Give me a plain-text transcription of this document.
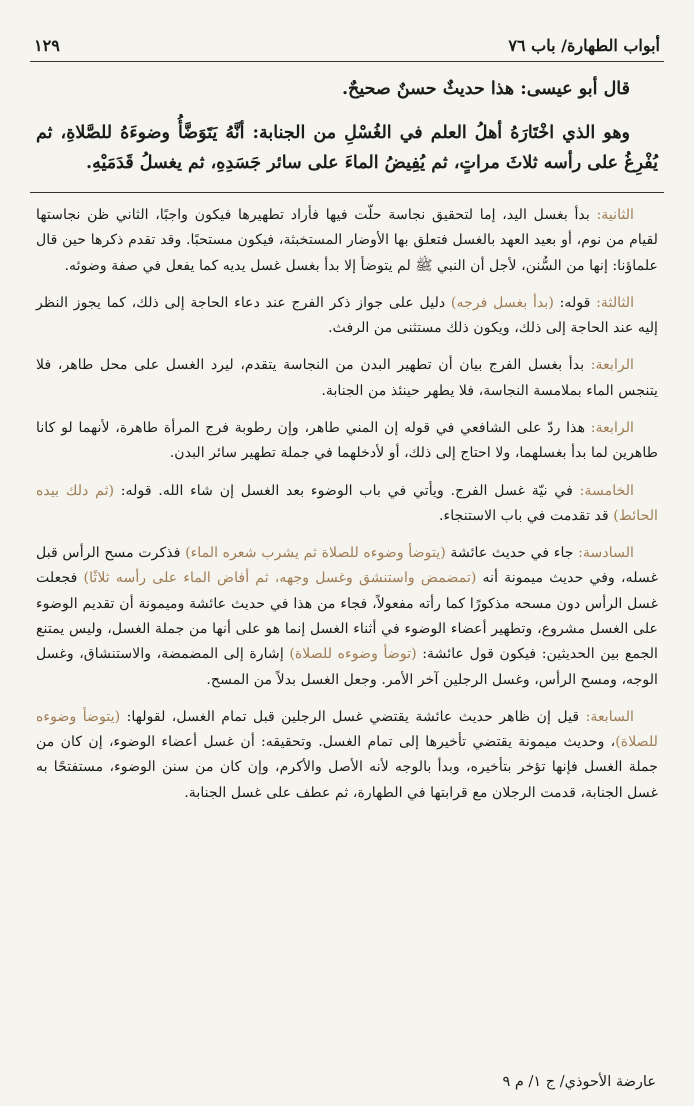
أبواب الطهارة/ باب ٧٦
١٢٩

قال أبو عيسى: هذا حديثٌ حسنٌ صحيحٌ.

وهو الذي اخْتَارَهُ أهلُ العلم في الغُسْلِ من الجنابة: أنَّهُ يَتَوَضَّأُ وضوءَهُ للصَّلاةِ، ثم يُفْرِغُ على رأسه ثلاثَ مراتٍ، ثم يُفِيضُ الماءَ على سائر جَسَدِهِ، ثم يغسلُ قَدَمَيْهِ.

الثانية: بدأ بغسل اليد، إما لتحقيق نجاسة حلّت فيها فأراد تطهيرها فيكون واجبًا، الثاني ظن نجاستها لقيام من نوم، أو بعيد العهد بالغسل فتعلق بها الأوضار المستخبثة، فيكون مستحبًا. وقد تقدم ذكرها حين قال علماؤنا: إنها من السُّنن، لأجل أن النبي ﷺ لم يتوضأ إلا بدأ بغسل غسل يديه كما يفعل في صفة وضوئه.

الثالثة: قوله: (بدأ بغسل فرجه) دليل على جواز ذكر الفرج عند دعاء الحاجة إلى ذلك، كما يجوز النظر إليه عند الحاجة إلى ذلك، ويكون ذلك مستثنى من الرفث.

الرابعة: بدأ بغسل الفرج بيان أن تطهير البدن من النجاسة يتقدم، ليرد الغسل على محل طاهر، فلا يتنجس الماء بملامسة النجاسة، فلا يطهر حينئذ من الجنابة.

الرابعة: هذا ردّ على الشافعي في قوله إن المني طاهر، وإن رطوبة فرج المرأة طاهرة، لأنهما لو كانا طاهرين لما بدأ بغسلهما، ولا احتاج إلى ذلك، أو لأدخلهما في جملة تطهير سائر البدن.

الخامسة: في نيّة غسل الفرج. ويأتي في باب الوضوء بعد الغسل إن شاء الله. قوله: (ثم دلك بيده الحائط) قد تقدمت في باب الاستنجاء.

السادسة: جاء في حديث عائشة (يتوضأ وضوءه للصلاة ثم يشرب شعره الماء) فذكرت مسح الرأس قبل غسله، وفي حديث ميمونة أنه (تمضمض واستنشق وغسل وجهه، ثم أفاض الماء على رأسه ثلاثًا) فجعلت غسل الرأس دون مسحه مذكورًا كما رأته مفعولاً، فجاء من هذا في حديث عائشة وميمونة أن تقديم الوضوء على الغسل مشروع، وتطهير أعضاء الوضوء في أثناء الغسل إنما هو على أنها من جملة الغسل، وليس يمتنع الجمع بين الحديثين: فيكون قول عائشة: (توضأ وضوءه للصلاة) إشارة إلى المضمضة، والاستنشاق، وغسل الوجه، ومسح الرأس، وغسل الرجلين آخر الأمر. وجعل الغسل بدلاً من المسح.

السابعة: قيل إن ظاهر حديث عائشة يقتضي غسل الرجلين قبل تمام الغسل، لقولها: (يتوضأ وضوءه للصلاة)، وحديث ميمونة يقتضي تأخيرها إلى تمام الغسل. وتحقيقه: أن غسل أعضاء الوضوء، إن كان من جملة الغسل فإنها تؤخر بتأخيره، وبدأ بالوجه لأنه الأصل والأكرم، وإن كان من سنن الوضوء، مستفتحًا به غسل الجنابة، قدمت الرجلان مع قرابتها في الطهارة، ثم عطف على غسل الجنابة.

عارضة الأحوذي/ ج ١/ م ٩
